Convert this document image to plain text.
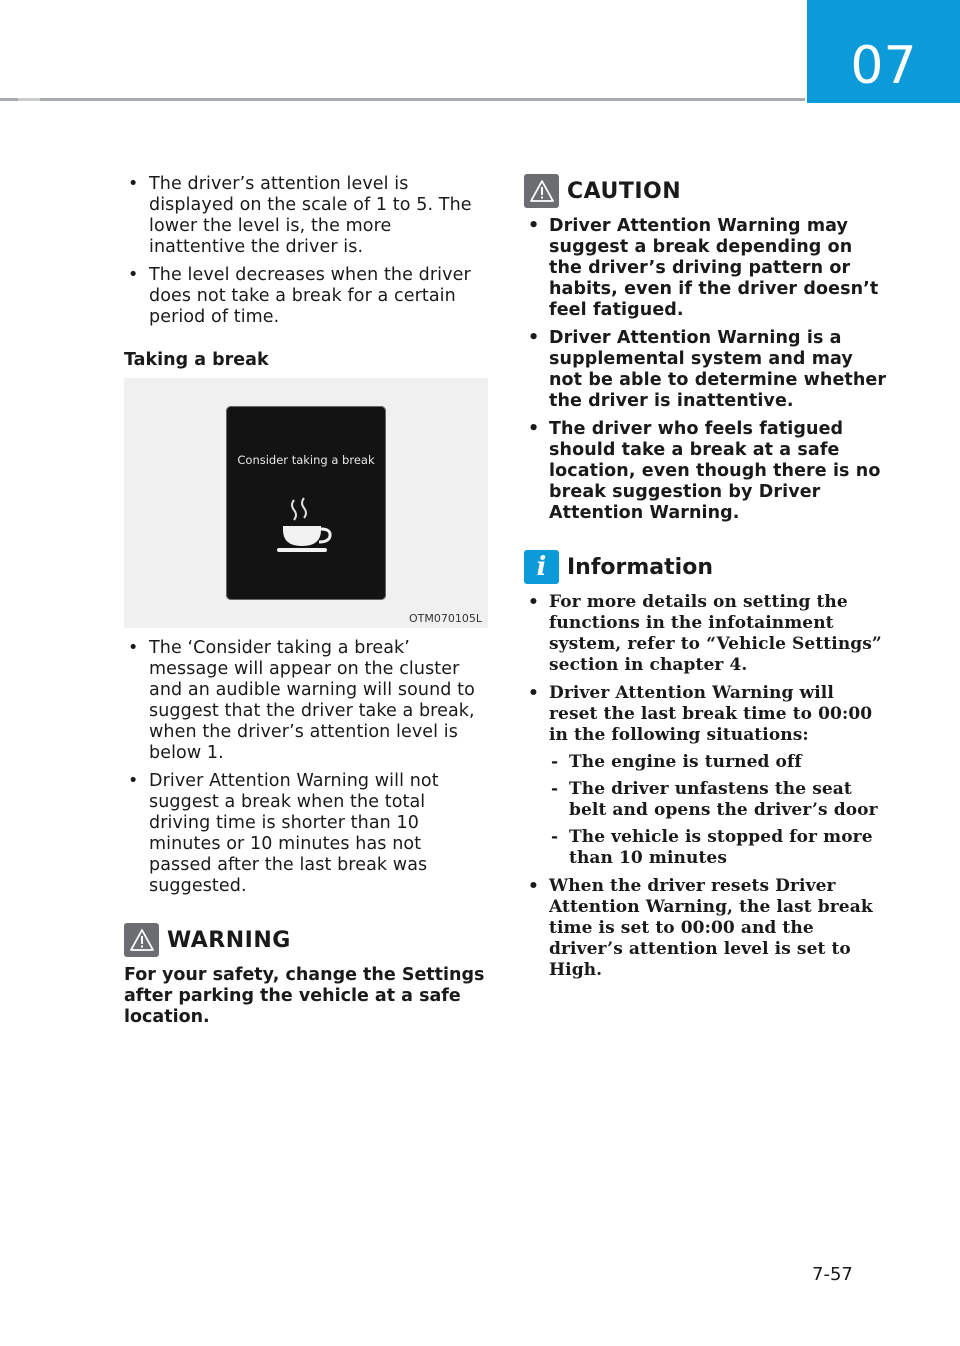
07
• The driver’s attention level is displayed on the scale of 1 to 5. The lower the level is, the more inattentive the driver is.
• The level decreases when the driver does not take a break for a certain period of time.
Taking a break
Consider taking a break
OTM070105L
• The ‘Consider taking a break’ message will appear on the cluster and an audible warning will sound to suggest that the driver take a break, when the driver’s attention level is below 1.
• Driver Attention Warning will not suggest a break when the total driving time is shorter than 10 minutes or 10 minutes has not passed after the last break was suggested.
WARNING
For your safety, change the Settings after parking the vehicle at a safe location.
CAUTION
• Driver Attention Warning may suggest a break depending on the driver’s driving pattern or habits, even if the driver doesn’t feel fatigued.
• Driver Attention Warning is a supplemental system and may not be able to determine whether the driver is inattentive.
• The driver who feels fatigued should take a break at a safe location, even though there is no break suggestion by Driver Attention Warning.
i Information
• For more details on setting the functions in the infotainment system, refer to “Vehicle Settings” section in chapter 4.
• Driver Attention Warning will reset the last break time to 00:00 in the following situations:
- The engine is turned off
- The driver unfastens the seat belt and opens the driver’s door
- The vehicle is stopped for more than 10 minutes
• When the driver resets Driver Attention Warning, the last break time is set to 00:00 and the driver’s attention level is set to High.
7-57
